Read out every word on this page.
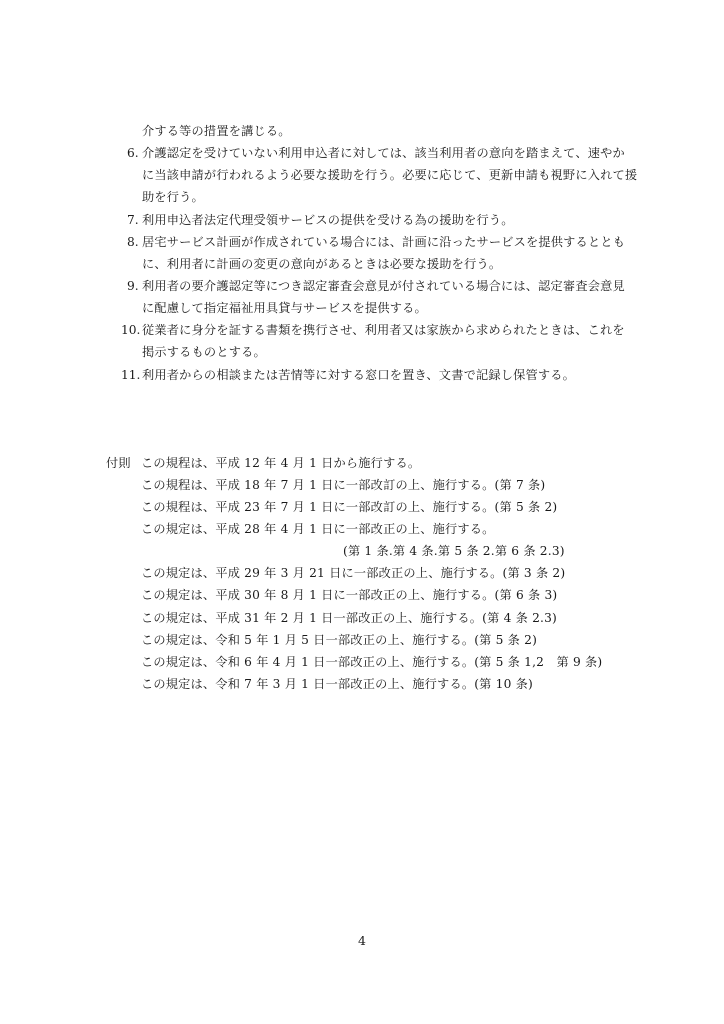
介する等の措置を講じる。
6. 介護認定を受けていない利用申込者に対しては、該当利用者の意向を踏まえて、速やか
に当該申請が行われるよう必要な援助を行う。必要に応じて、更新申請も視野に入れて援
助を行う。
7. 利用申込者法定代理受領サービスの提供を受ける為の援助を行う。
8. 居宅サービス計画が作成されている場合には、計画に沿ったサービスを提供するととも
に、利用者に計画の変更の意向があるときは必要な援助を行う。
9. 利用者の要介護認定等につき認定審査会意見が付されている場合には、認定審査会意見
に配慮して指定福祉用具貸与サービスを提供する。
10. 従業者に身分を証する書類を携行させ、利用者又は家族から求められたときは、これを
掲示するものとする。
11. 利用者からの相談または苦情等に対する窓口を置き、文書で記録し保管する。
付則 この規程は、平成 12 年 4 月 1 日から施行する。
この規程は、平成 18 年 7 月 1 日に一部改訂の上、施行する。(第 7 条)
この規程は、平成 23 年 7 月 1 日に一部改訂の上、施行する。(第 5 条 2)
この規定は、平成 28 年 4 月 1 日に一部改正の上、施行する。
(第 1 条.第 4 条.第 5 条 2.第 6 条 2.3)
この規定は、平成 29 年 3 月 21 日に一部改正の上、施行する。(第 3 条 2)
この規定は、平成 30 年 8 月 1 日に一部改正の上、施行する。(第 6 条 3)
この規定は、平成 31 年 2 月 1 日一部改正の上、施行する。(第 4 条 2.3)
この規定は、令和 5 年 1 月 5 日一部改正の上、施行する。(第 5 条 2)
この規定は、令和 6 年 4 月 1 日一部改正の上、施行する。(第 5 条 1,2　第 9 条)
この規定は、令和 7 年 3 月 1 日一部改正の上、施行する。(第 10 条)
4
